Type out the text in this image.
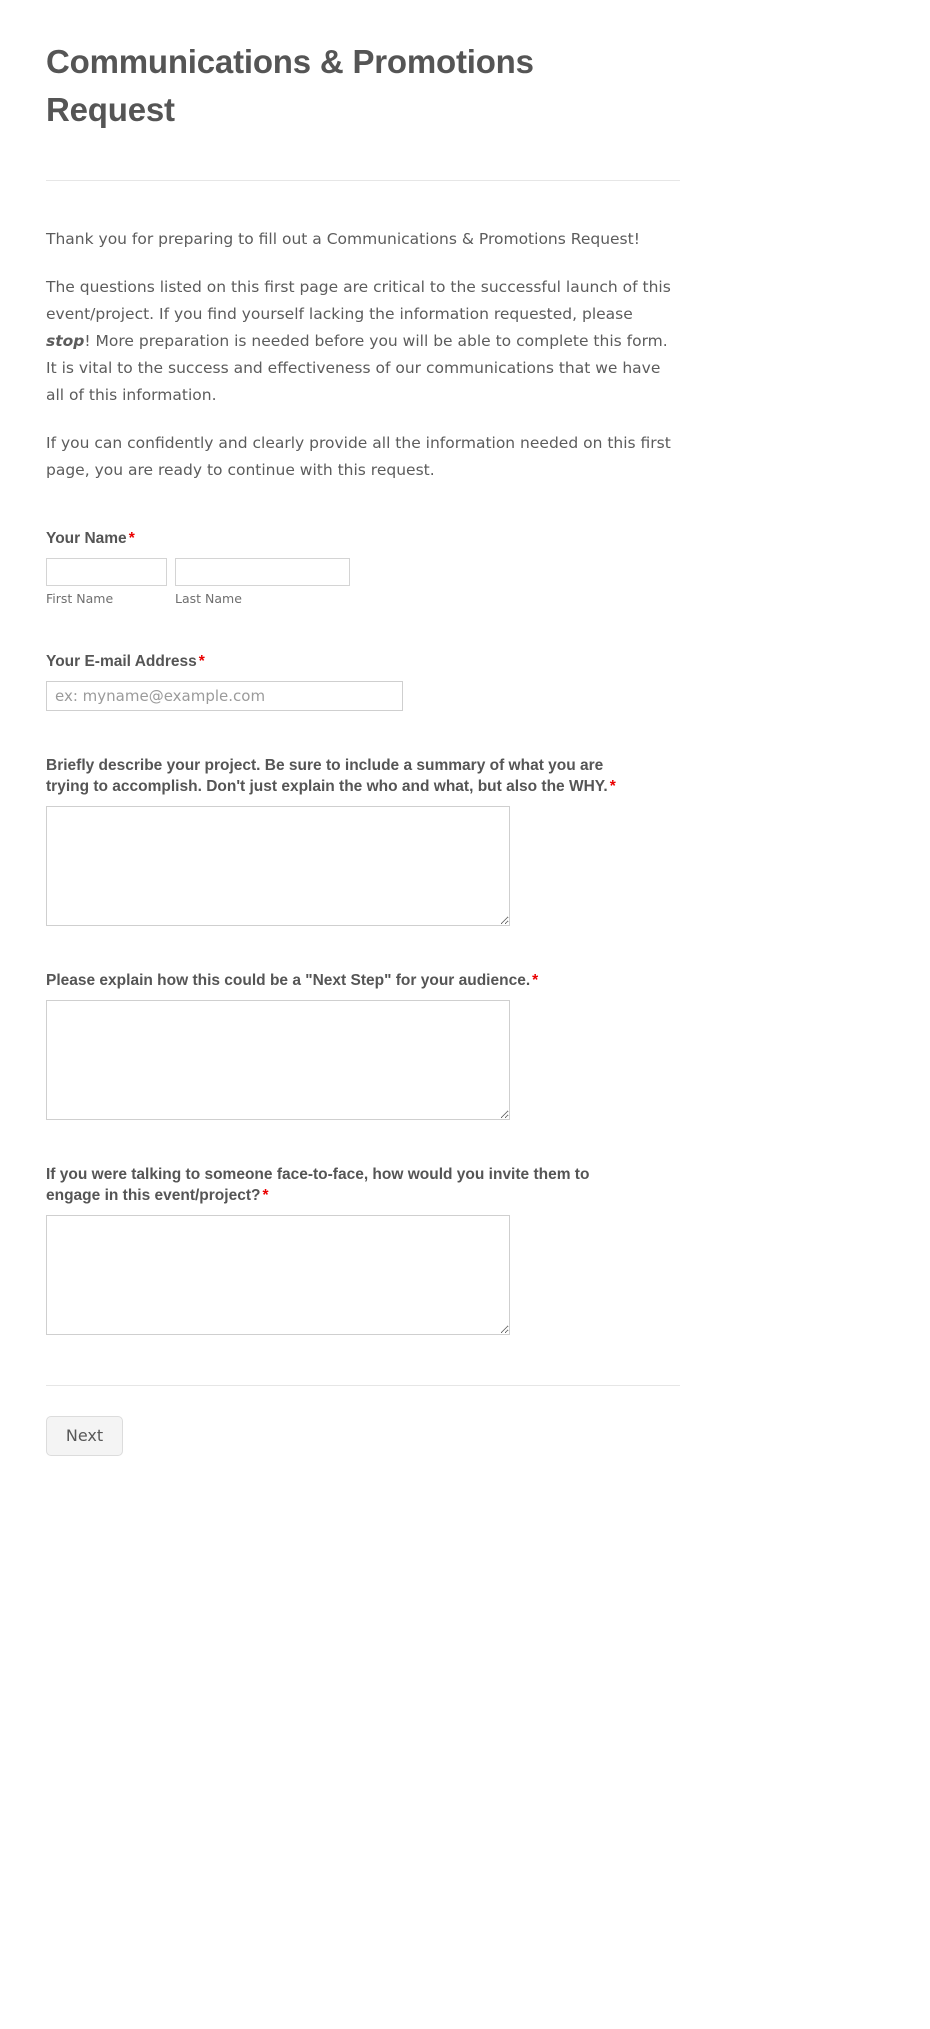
Communications & Promotions Request

Thank you for preparing to fill out a Communications & Promotions Request!

The questions listed on this first page are critical to the successful launch of this event/project. If you find yourself lacking the information requested, please stop! More preparation is needed before you will be able to complete this form. It is vital to the success and effectiveness of our communications that we have all of this information.

If you can confidently and clearly provide all the information needed on this first page, you are ready to continue with this request.

Your Name *
First Name	Last Name
Your E-mail Address *
ex: myname@example.com
Briefly describe your project. Be sure to include a summary of what you are trying to accomplish. Don't just explain the who and what, but also the WHY. *
Please explain how this could be a "Next Step" for your audience. *
If you were talking to someone face-to-face, how would you invite them to engage in this event/project? *
Next
